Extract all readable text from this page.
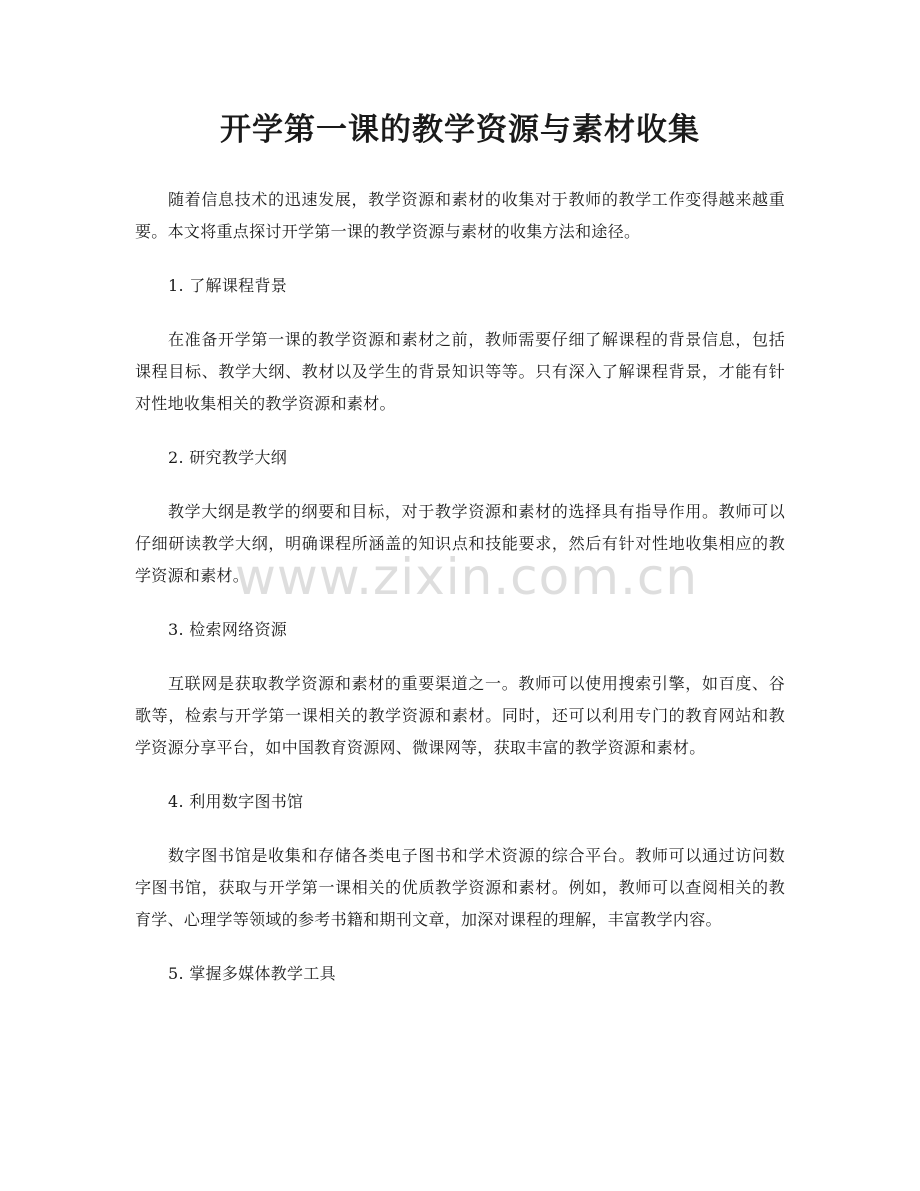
开学第一课的教学资源与素材收集

随着信息技术的迅速发展，教学资源和素材的收集对于教师的教学工作变得越来越重要。本文将重点探讨开学第一课的教学资源与素材的收集方法和途径。

1. 了解课程背景

在准备开学第一课的教学资源和素材之前，教师需要仔细了解课程的背景信息，包括课程目标、教学大纲、教材以及学生的背景知识等等。只有深入了解课程背景，才能有针对性地收集相关的教学资源和素材。

2. 研究教学大纲

教学大纲是教学的纲要和目标，对于教学资源和素材的选择具有指导作用。教师可以仔细研读教学大纲，明确课程所涵盖的知识点和技能要求，然后有针对性地收集相应的教学资源和素材。

3. 检索网络资源

互联网是获取教学资源和素材的重要渠道之一。教师可以使用搜索引擎，如百度、谷歌等，检索与开学第一课相关的教学资源和素材。同时，还可以利用专门的教育网站和教学资源分享平台，如中国教育资源网、微课网等，获取丰富的教学资源和素材。

4. 利用数字图书馆

数字图书馆是收集和存储各类电子图书和学术资源的综合平台。教师可以通过访问数字图书馆，获取与开学第一课相关的优质教学资源和素材。例如，教师可以查阅相关的教育学、心理学等领域的参考书籍和期刊文章，加深对课程的理解，丰富教学内容。

5. 掌握多媒体教学工具

www.zixin.com.cn
